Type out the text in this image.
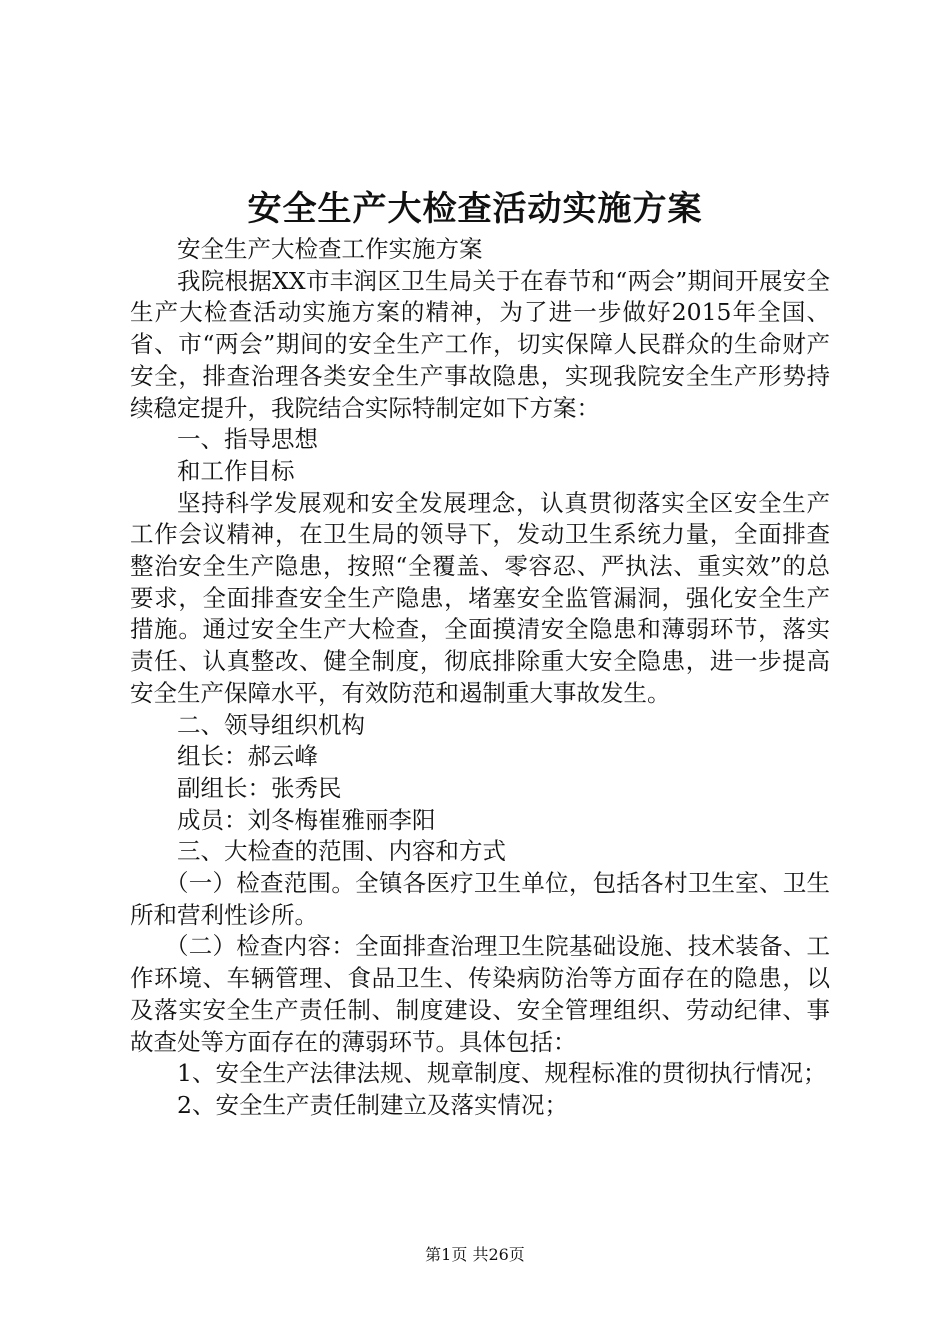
安全生产大检查活动实施方案

安全生产大检查工作实施方案

我院根据XX市丰润区卫生局关于在春节和“两会”期间开展安全生产大检查活动实施方案的精神，为了进一步做好2015年全国、省、市“两会”期间的安全生产工作，切实保障人民群众的生命财产安全，排查治理各类安全生产事故隐患，实现我院安全生产形势持续稳定提升，我院结合实际特制定如下方案：

一、指导思想

和工作目标

坚持科学发展观和安全发展理念，认真贯彻落实全区安全生产工作会议精神，在卫生局的领导下，发动卫生系统力量，全面排查整治安全生产隐患，按照“全覆盖、零容忍、严执法、重实效”的总要求，全面排查安全生产隐患，堵塞安全监管漏洞，强化安全生产措施。通过安全生产大检查，全面摸清安全隐患和薄弱环节，落实责任、认真整改、健全制度，彻底排除重大安全隐患，进一步提高安全生产保障水平，有效防范和遏制重大事故发生。

二、领导组织机构

组长：郝云峰

副组长：张秀民

成员：刘冬梅崔雅丽李阳

三、大检查的范围、内容和方式

（一）检查范围。全镇各医疗卫生单位，包括各村卫生室、卫生所和营利性诊所。

（二）检查内容：全面排查治理卫生院基础设施、技术装备、工作环境、车辆管理、食品卫生、传染病防治等方面存在的隐患，以及落实安全生产责任制、制度建设、安全管理组织、劳动纪律、事故查处等方面存在的薄弱环节。具体包括：

1、安全生产法律法规、规章制度、规程标准的贯彻执行情况；

2、安全生产责任制建立及落实情况；

第1页 共26页
